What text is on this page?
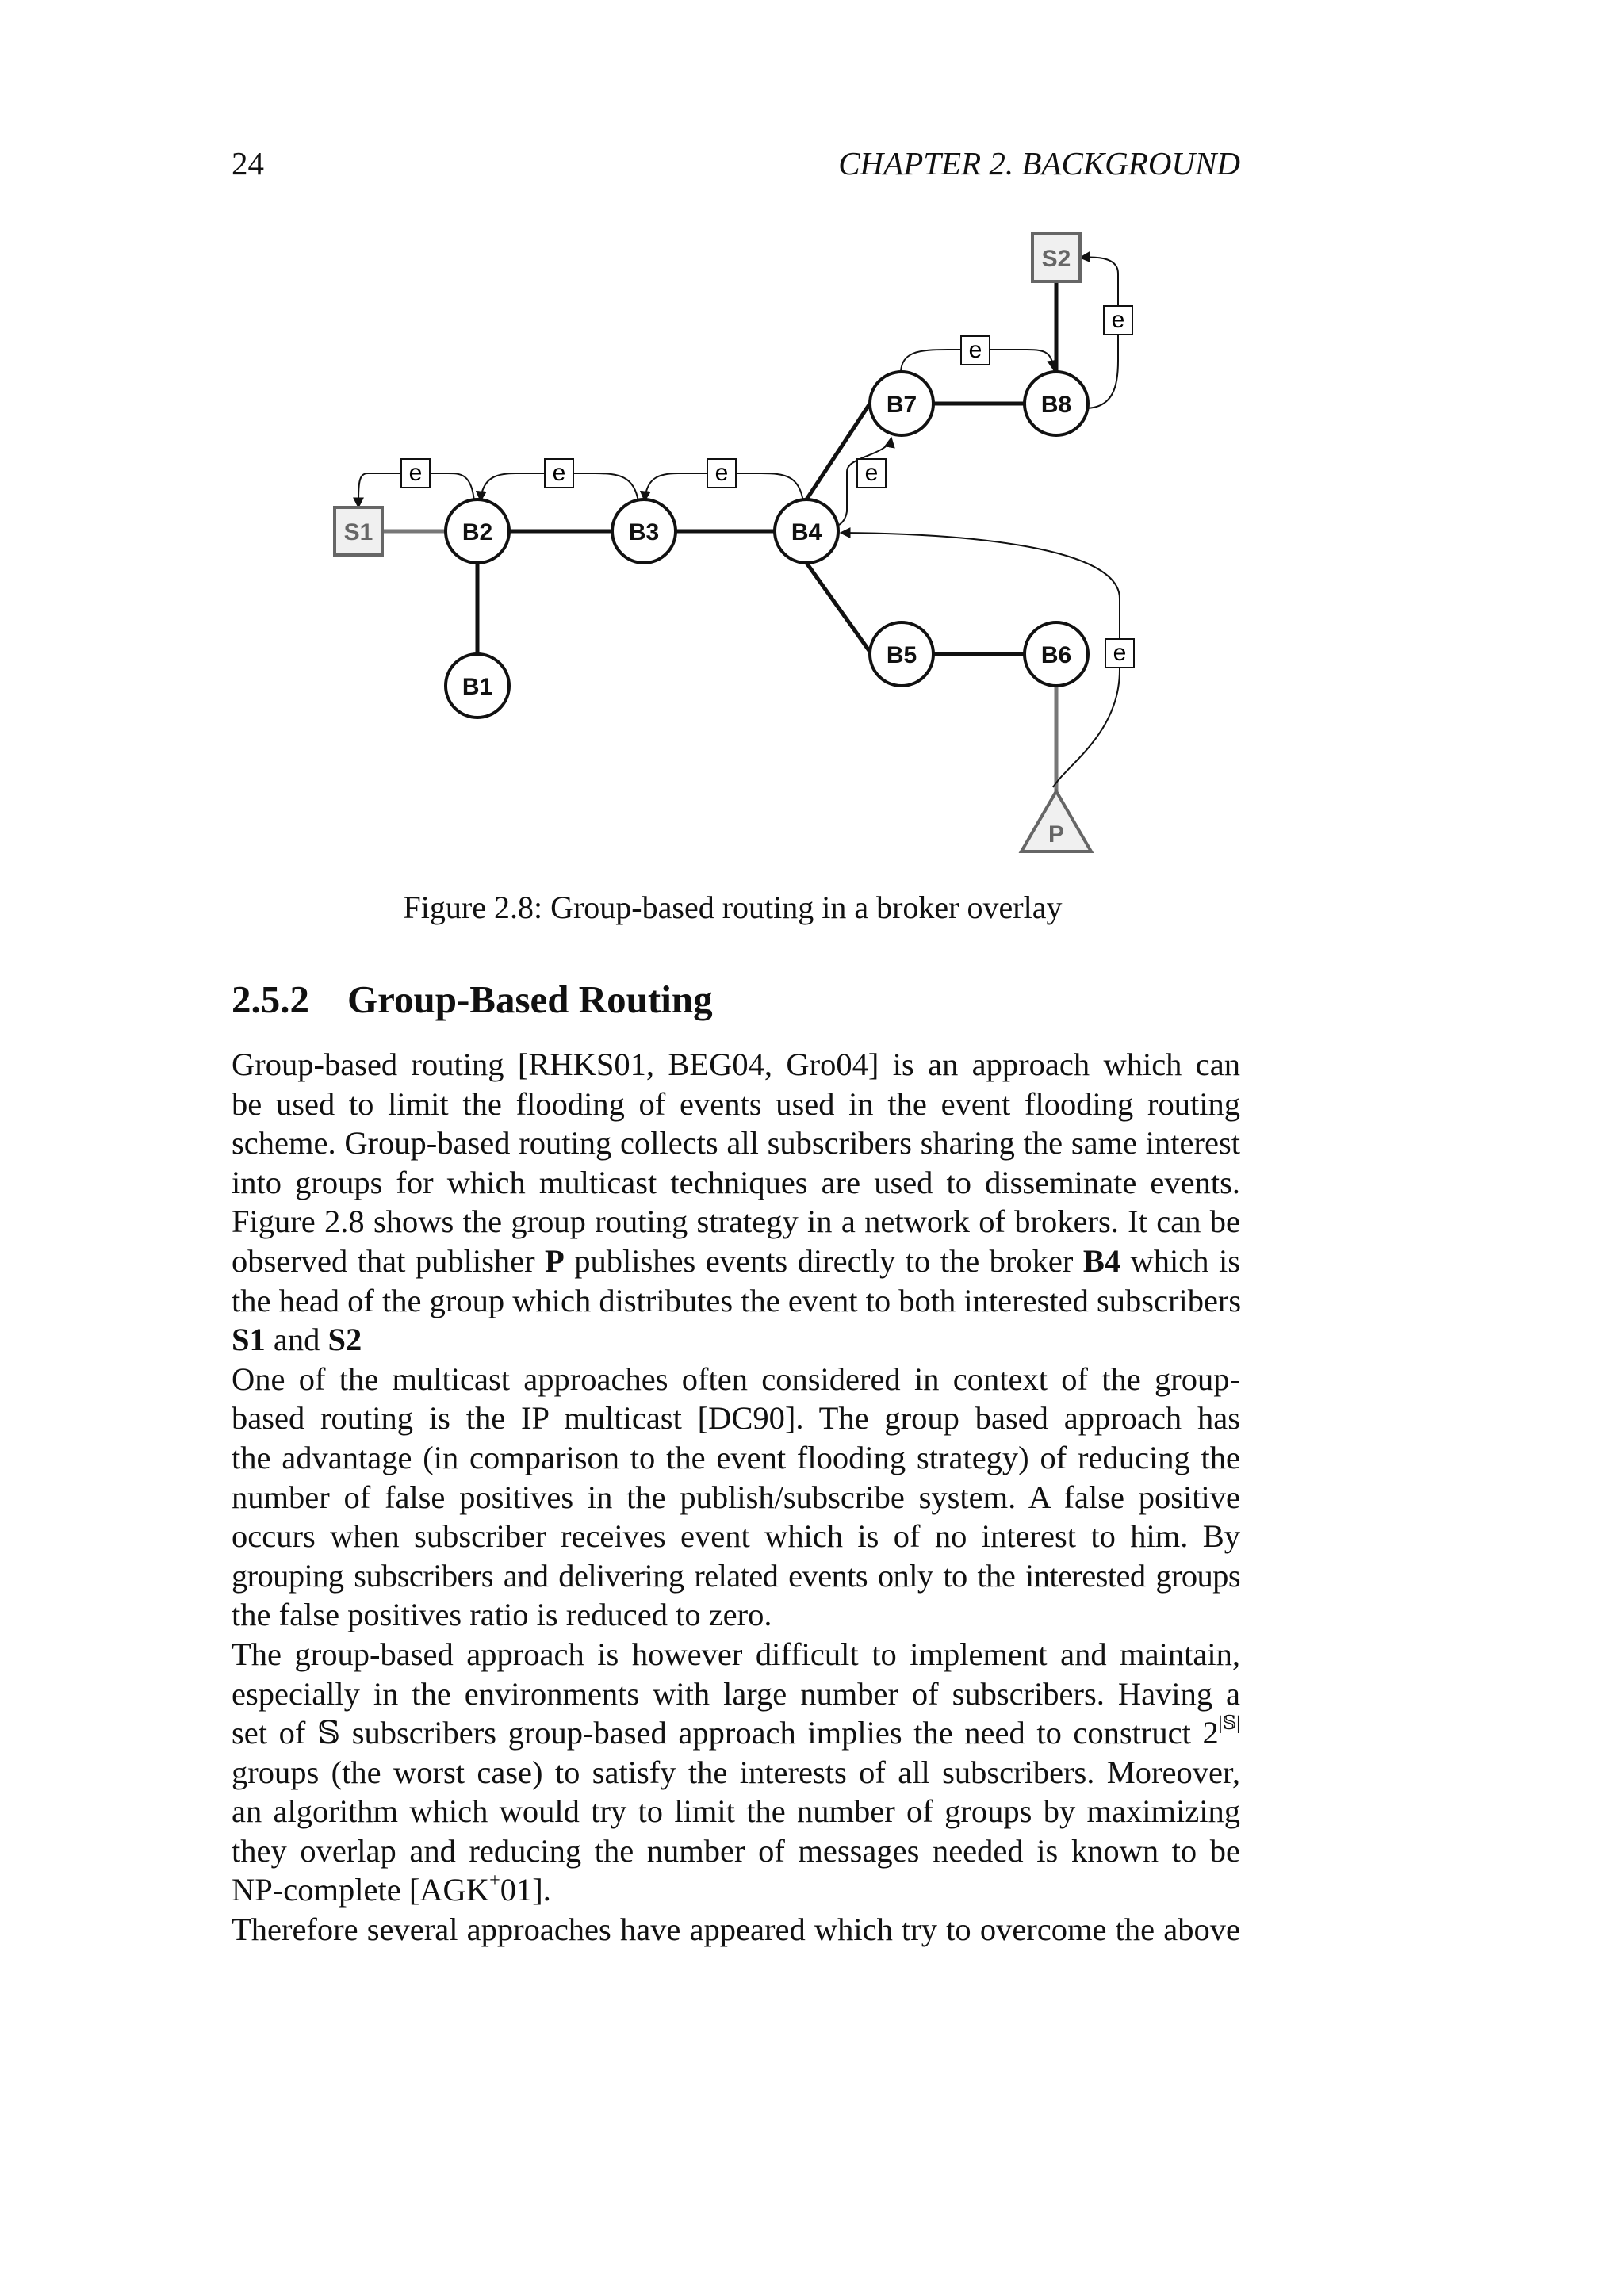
24	CHAPTER 2. BACKGROUND
e	e	e	e
e
e
e
S1
S2
P
B2	B3	B4
B1
B7	B8
B5	B6
Figure 2.8: Group-based routing in a broker overlay
2.5.2 Group-Based Routing

Group-based routing [RHKS01, BEG04, Gro04] is an approach which can
be used to limit the flooding of events used in the event flooding routing
scheme. Group-based routing collects all subscribers sharing the same interest
into groups for which multicast techniques are used to disseminate events.
Figure 2.8 shows the group routing strategy in a network of brokers. It can be
observed that publisher P publishes events directly to the broker B4 which is
the head of the group which distributes the event to both interested subscribers
S1 and S2

One of the multicast approaches often considered in context of the group-
based routing is the IP multicast [DC90]. The group based approach has
the advantage (in comparison to the event flooding strategy) of reducing the
number of false positives in the publish/subscribe system. A false positive
occurs when subscriber receives event which is of no interest to him. By
grouping subscribers and delivering related events only to the interested groups
the false positives ratio is reduced to zero.

The group-based approach is however difficult to implement and maintain,
especially in the environments with large number of subscribers. Having a
set of 𝕊 subscribers group-based approach implies the need to construct $2^{|𝕊|}$
groups (the worst case) to satisfy the interests of all subscribers. Moreover,
an algorithm which would try to limit the number of groups by maximizing
they overlap and reducing the number of messages needed is known to be
NP-complete [AGK+01].

Therefore several approaches have appeared which try to overcome the above
